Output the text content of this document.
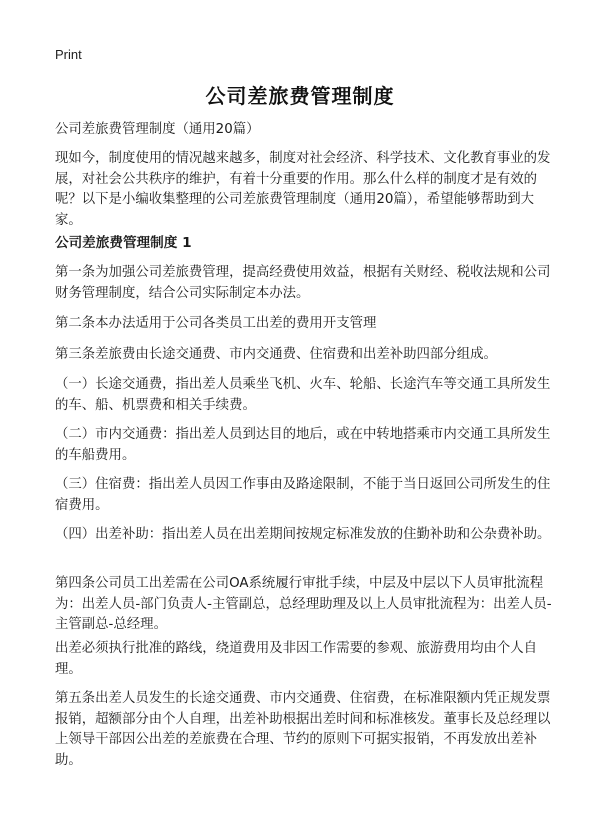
Print
公司差旅费管理制度
公司差旅费管理制度（通用20篇）
现如今，制度使用的情况越来越多，制度对社会经济、科学技术、文化教育事业的发展，对社会公共秩序的维护，有着十分重要的作用。那么什么样的制度才是有效的呢？以下是小编收集整理的公司差旅费管理制度（通用20篇），希望能够帮助到大家。
公司差旅费管理制度 1
第一条为加强公司差旅费管理，提高经费使用效益，根据有关财经、税收法规和公司财务管理制度，结合公司实际制定本办法。
第二条本办法适用于公司各类员工出差的费用开支管理
第三条差旅费由长途交通费、市内交通费、住宿费和出差补助四部分组成。
（一）长途交通费，指出差人员乘坐飞机、火车、轮船、长途汽车等交通工具所发生的车、船、机票费和相关手续费。
（二）市内交通费：指出差人员到达目的地后，或在中转地搭乘市内交通工具所发生的车船费用。
（三）住宿费：指出差人员因工作事由及路途限制，不能于当日返回公司所发生的住宿费用。
（四）出差补助：指出差人员在出差期间按规定标准发放的住勤补助和公杂费补助。
第四条公司员工出差需在公司OA系统履行审批手续，中层及中层以下人员审批流程为：出差人员-部门负责人-主管副总，总经理助理及以上人员审批流程为：出差人员-主管副总-总经理。
出差必须执行批准的路线，绕道费用及非因工作需要的参观、旅游费用均由个人自理。
第五条出差人员发生的长途交通费、市内交通费、住宿费，在标准限额内凭正规发票报销，超额部分由个人自理，出差补助根据出差时间和标准核发。董事长及总经理以上领导干部因公出差的差旅费在合理、节约的原则下可据实报销，不再发放出差补助。
